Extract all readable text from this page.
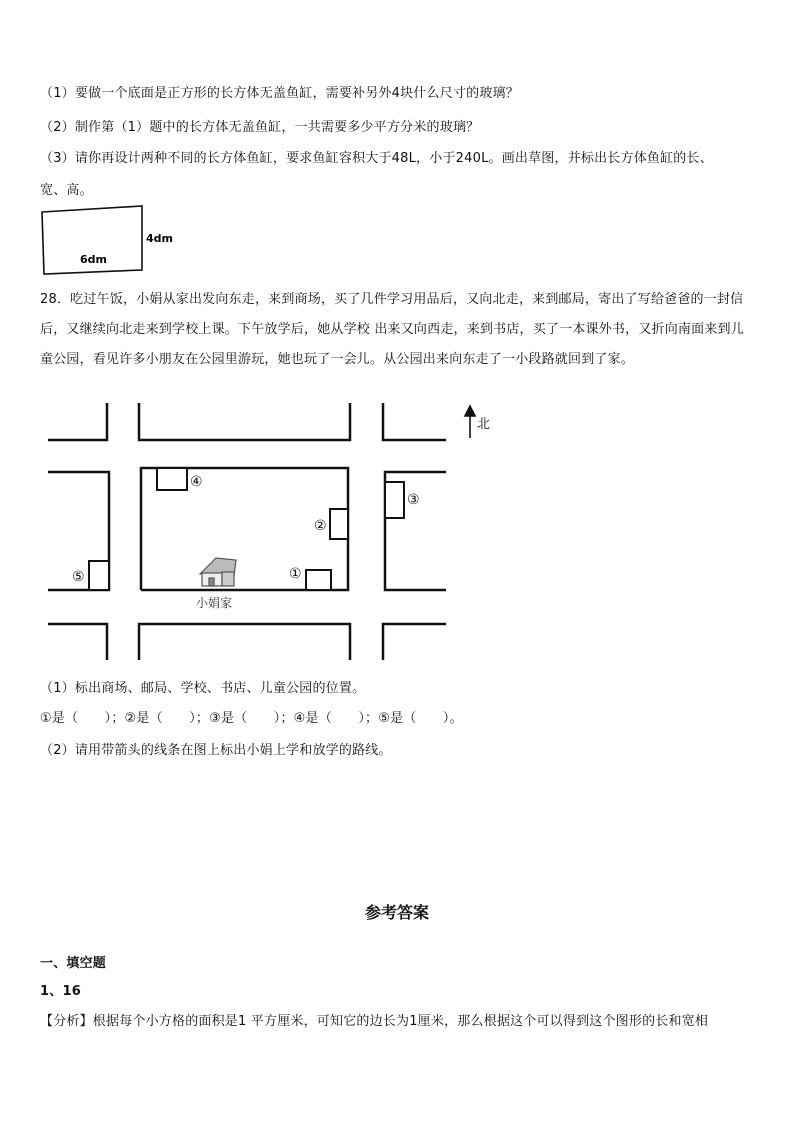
（1）要做一个底面是正方形的长方体无盖鱼缸，需要补另外4块什么尺寸的玻璃？
（2）制作第（1）题中的长方体无盖鱼缸，一共需要多少平方分米的玻璃？
（3）请你再设计两种不同的长方体鱼缸，要求鱼缸容积大于48L，小于240L。画出草图，并标出长方体鱼缸的长、
宽、高。
6dm
4dm
28．吃过午饭，小娟从家出发向东走，来到商场，买了几件学习用品后，又向北走，来到邮局，寄出了写给爸爸的一封信后，又继续向北走来到学校上课。下午放学后，她从学校 出来又向西走，来到书店，买了一本课外书，又折向南面来到儿童公园，看见许多小朋友在公园里游玩，她也玩了一会儿。从公园出来向东走了一小段路就回到了家。
④
②
③
⑤	①
小娟家
北
（1）标出商场、邮局、学校、书店、儿童公园的位置。
①是（　　）；②是（　　）；③是（　　）；④是（　　）；⑤是（　　）。
（2）请用带箭头的线条在图上标出小娟上学和放学的路线。
参考答案
一、填空题
1、16
【分析】根据每个小方格的面积是1 平方厘米，可知它的边长为1厘米，那么根据这个可以得到这个图形的长和宽相
